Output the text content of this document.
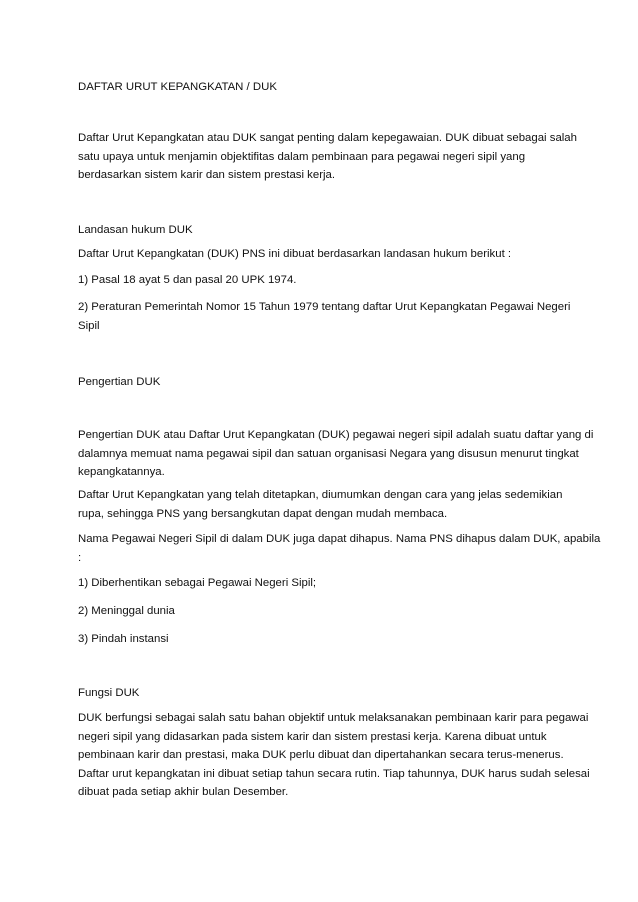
DAFTAR URUT KEPANGKATAN / DUK

Daftar Urut Kepangkatan atau DUK sangat penting dalam kepegawaian. DUK dibuat sebagai salah
satu upaya untuk menjamin objektifitas dalam pembinaan para pegawai negeri sipil yang
berdasarkan sistem karir dan sistem prestasi kerja.

Landasan hukum DUK

Daftar Urut Kepangkatan (DUK) PNS ini dibuat berdasarkan landasan hukum berikut :

1) Pasal 18 ayat 5 dan pasal 20 UPK 1974.

2) Peraturan Pemerintah Nomor 15 Tahun 1979 tentang daftar Urut Kepangkatan Pegawai Negeri
Sipil

Pengertian DUK

Pengertian DUK atau Daftar Urut Kepangkatan (DUK) pegawai negeri sipil adalah suatu daftar yang di
dalamnya memuat nama pegawai sipil dan satuan organisasi Negara yang disusun menurut tingkat
kepangkatannya.
Daftar Urut Kepangkatan yang telah ditetapkan, diumumkan dengan cara yang jelas sedemikian
rupa, sehingga PNS yang bersangkutan dapat dengan mudah membaca.
Nama Pegawai Negeri Sipil di dalam DUK juga dapat dihapus. Nama PNS dihapus dalam DUK, apabila
:

1) Diberhentikan sebagai Pegawai Negeri Sipil;

2) Meninggal dunia

3) Pindah instansi

Fungsi DUK

DUK berfungsi sebagai salah satu bahan objektif untuk melaksanakan pembinaan karir para pegawai
negeri sipil yang didasarkan pada sistem karir dan sistem prestasi kerja. Karena dibuat untuk
pembinaan karir dan prestasi, maka DUK perlu dibuat dan dipertahankan secara terus-menerus.
Daftar urut kepangkatan ini dibuat setiap tahun secara rutin. Tiap tahunnya, DUK harus sudah selesai
dibuat pada setiap akhir bulan Desember.
